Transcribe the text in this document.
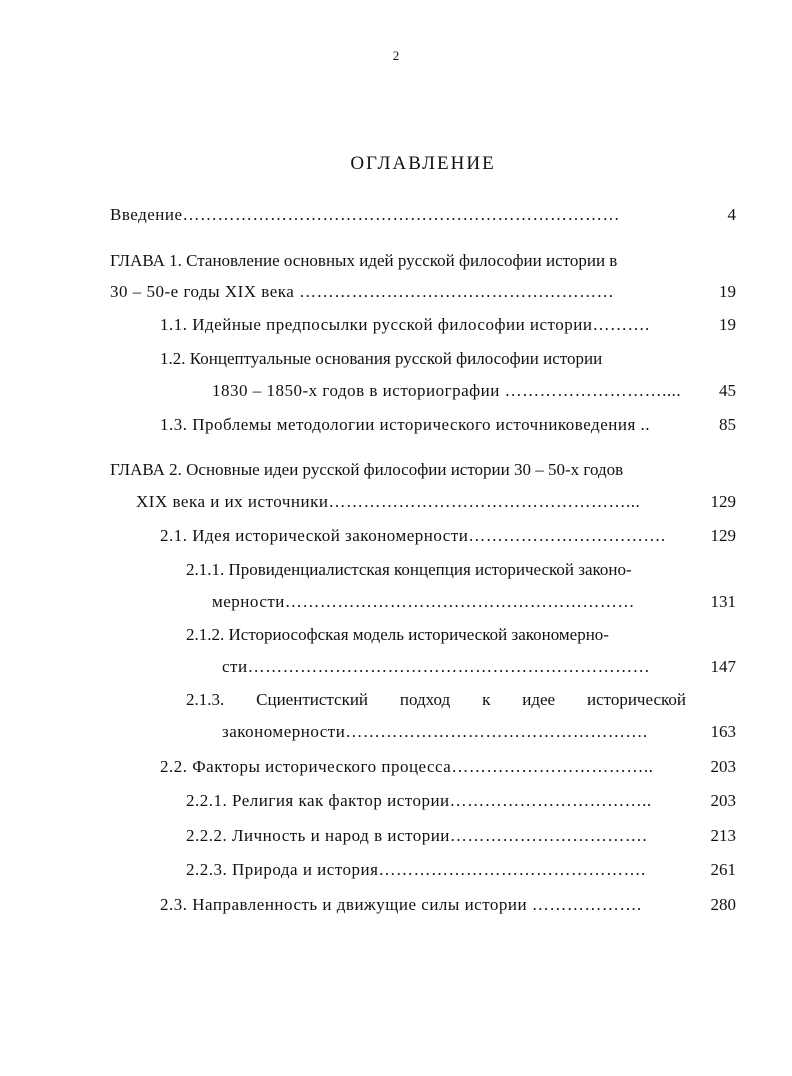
2
ОГЛАВЛЕНИЕ
Введение…………………………………………………………………	4
ГЛАВА 1. Становление основных идей русской философии истории в
30 – 50-е годы XIX века ………………………………………………	19
1.1. Идейные предпосылки русской философии истории……….	19
1.2. Концептуальные основания русской философии истории
1830 – 1850-х годов в историографии ……………………….... 45
1.3. Проблемы методологии исторического источниковедения ..	85
ГЛАВА 2. Основные идеи русской философии истории 30 – 50-х годов
XIX века и их источники……………………………………………...	129
2.1. Идея исторической закономерности…………………………….	129
2.1.1. Провиденциалистская концепция исторической законо-
мерности……………………………………………………	131
2.1.2. Историософская модель исторической закономерно-
сти……………………………………………………………	147
2.1.3. Сциентистский подход к идее исторической
закономерности…………………………………………….	163
2.2. Факторы исторического процесса……………………………..	203
2.2.1. Религия как фактор истории……………………………..	203
2.2.2. Личность и народ в истории…………………………….	213
2.2.3. Природа и история……………………………………….	261
2.3. Направленность и движущие силы истории ……………….	280
